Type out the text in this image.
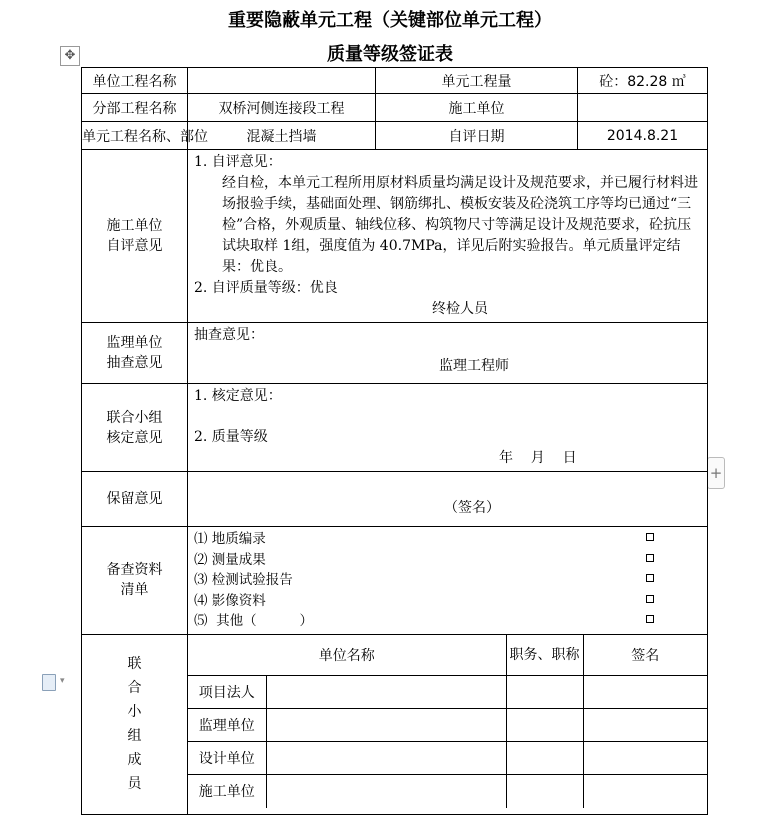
重要隐蔽单元工程（关键部位单元工程）
质量等级签证表
✥
+
▾
单位工程名称		单元工程量	砼：82.28 ㎥
分部工程名称	双桥河侧连接段工程	施工单位	
单元工程名称、部位	混凝土挡墙	自评日期	2014.8.21

施工单位
自评意见

1. 自评意见：
经自检，本单元工程所用原材料质量均满足设计及规范要求，并已履行材料进场报验手续，基础面处理、钢筋绑扎、模板安装及砼浇筑工序等均已通过“三检”合格，外观质量、轴线位移、构筑物尺寸等满足设计及规范要求，砼抗压试块取样 1组，强度值为 40.7MPa，详见后附实验报告。单元质量评定结果：优良。
2. 自评质量等级：优良
终检人员

监理单位
抽查意见

抽查意见：
监理工程师

联合小组
核定意见

1. 核定意见：
2. 质量等级
年    月    日

保留意见	
（签名）

备查资料
清单

⑴ 地质编录
⑵ 测量成果
⑶ 检测试验报告
⑷ 影像资料
⑸  其他（          ）

联
合
小
组
成
员

单位名称	职务、职称	签名
项目法人			
监理单位			
设计单位			
施工单位			
